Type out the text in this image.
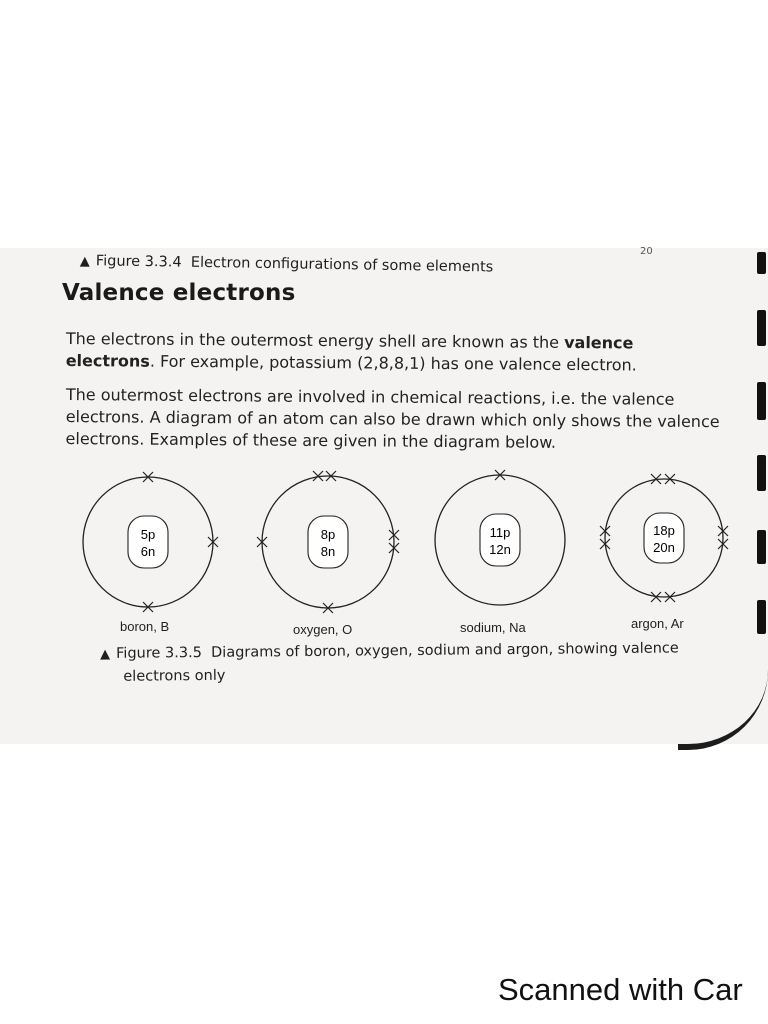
20
▲ Figure 3.3.4 Electron configurations of some elements
Valence electrons

The electrons in the outermost energy shell are known as the valence

electrons. For example, potassium (2,8,8,1) has one valence electron.

The outermost electrons are involved in chemical reactions, i.e. the valence

electrons. A diagram of an atom can also be drawn which only shows the valence

electrons. Examples of these are given in the diagram below.

5p
6n
8p
8n
11p
12n
18p
20n
boron, B	oxygen, O	sodium, Na	argon, Ar
▲ Figure 3.3.5 Diagrams of boron, oxygen, sodium and argon, showing valence
electrons only
Scanned with Car
